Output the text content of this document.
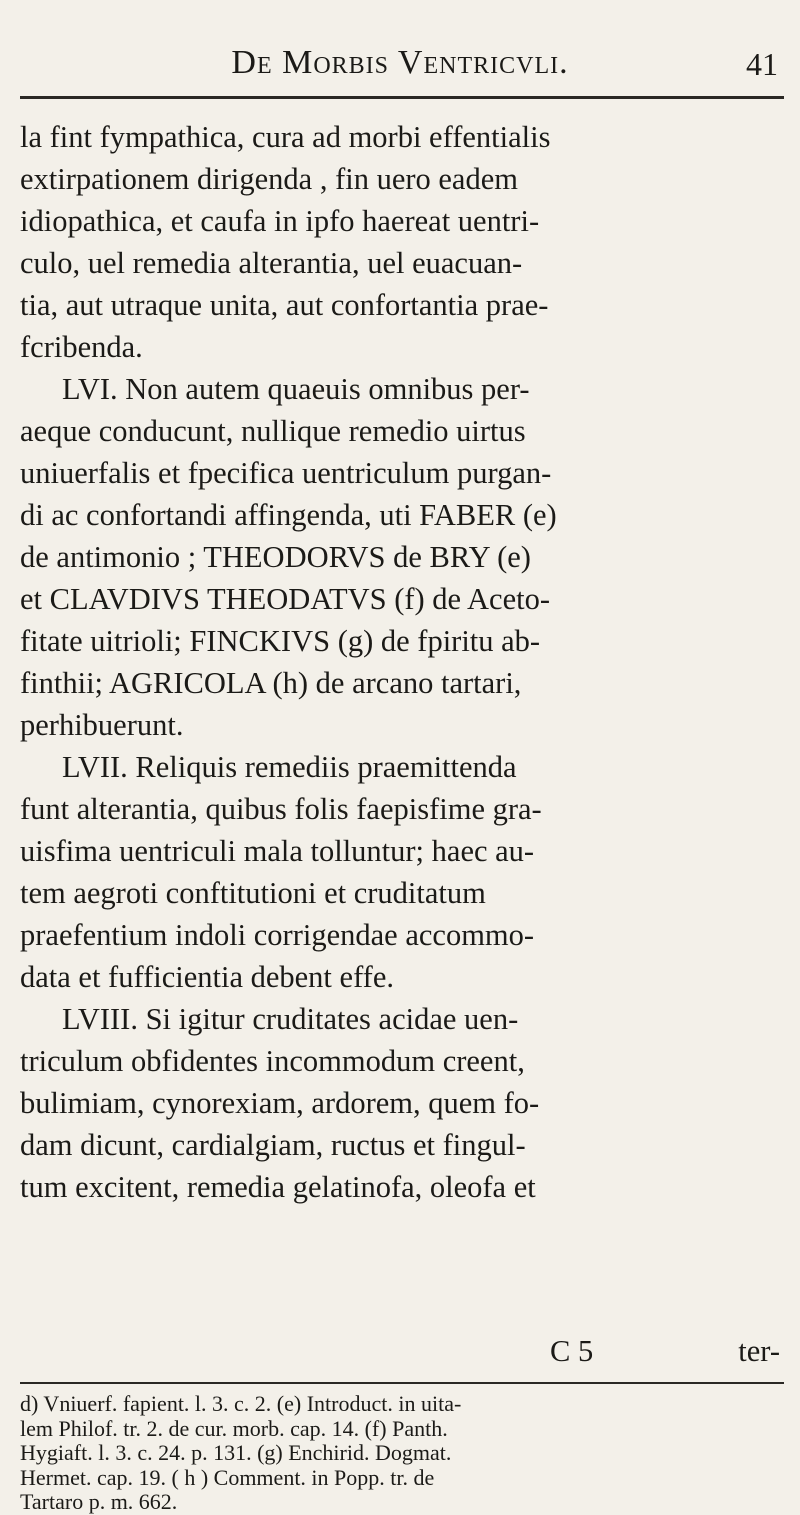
De Morbis Ventricvli.	41
la fint fympathica, cura ad morbi effentialis
extirpationem dirigenda , fin uero eadem
idiopathica, et caufa in ipfo haereat uentri-
culo, uel remedia alterantia, uel euacuan-
tia, aut utraque unita, aut confortantia prae-
fcribenda.
LVI. Non autem quaeuis omnibus per-
aeque conducunt, nullique remedio uirtus
uniuerfalis et fpecifica uentriculum purgan-
di ac confortandi affingenda, uti FABER (e)
de antimonio ; THEODORVS de BRY (e)
et CLAVDIVS THEODATVS (f) de Aceto-
fitate uitrioli; FINCKIVS (g) de fpiritu ab-
finthii; AGRICOLA (h) de arcano tartari,
perhibuerunt.
LVII. Reliquis remediis praemittenda
funt alterantia, quibus folis faepisfime gra-
uisfima uentriculi mala tolluntur; haec au-
tem aegroti conftitutioni et cruditatum
praefentium indoli corrigendae accommo-
data et fufficientia debent effe.
LVIII. Si igitur cruditates acidae uen-
triculum obfidentes incommodum creent,
bulimiam, cynorexiam, ardorem, quem fo-
dam dicunt, cardialgiam, ructus et fingul-
tum excitent, remedia gelatinofa, oleofa et
C 5	ter-
d) Vniuerf. fapient. l. 3. c. 2. (e) Introduct. in uita-
lem Philof. tr. 2. de cur. morb. cap. 14. (f) Panth.
Hygiaft. l. 3. c. 24. p. 131. (g) Enchirid. Dogmat.
Hermet. cap. 19. ( h ) Comment. in Popp. tr. de
Tartaro p. m. 662.
